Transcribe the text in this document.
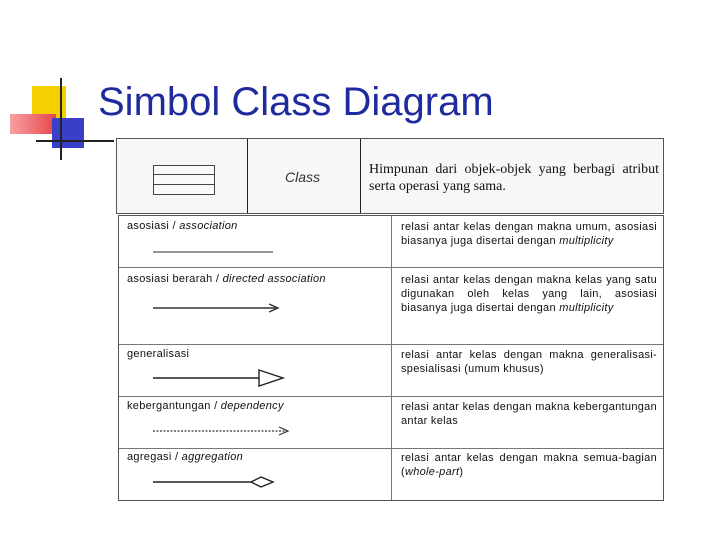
Simbol Class Diagram
Class	Himpunan dari objek-objek yang berbagi atribut serta operasi yang sama.
asosiasi / association	relasi antar kelas dengan makna umum, asosiasi biasanya juga disertai dengan multiplicity
asosiasi berarah / directed association	relasi antar kelas dengan makna kelas yang satu digunakan oleh kelas yang lain, asosiasi biasanya juga disertai dengan multiplicity
generalisasi	relasi antar kelas dengan makna generalisasi-spesialisasi (umum khusus)
kebergantungan / dependency	relasi antar kelas dengan makna kebergantungan antar kelas
agregasi / aggregation	relasi antar kelas dengan makna semua-bagian (whole-part)
